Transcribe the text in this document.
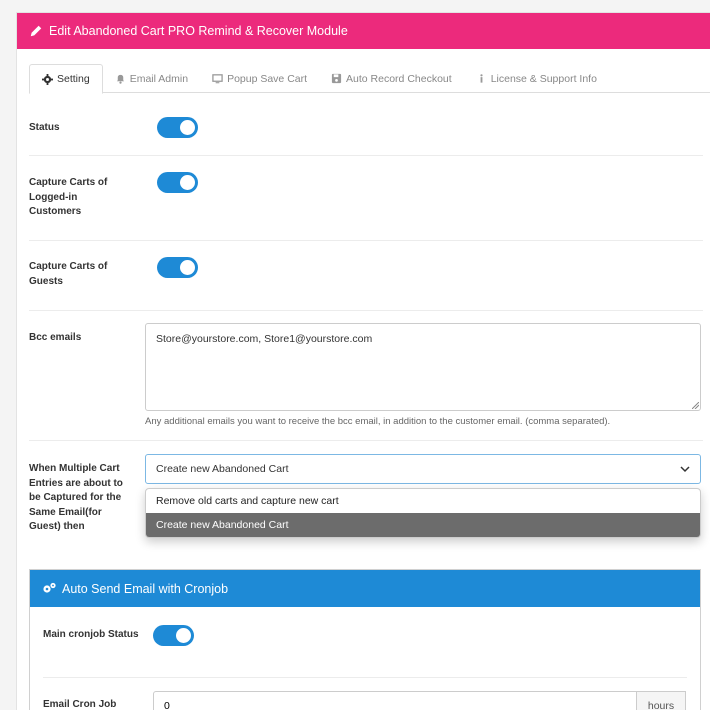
Edit Abandoned Cart PRO Remind & Recover Module
Setting	Email Admin	Popup Save Cart	Auto Record Checkout	License & Support Info
Status
Capture Carts of Logged-in Customers
Capture Carts of Guests
Bcc emails
Store@yourstore.com, Store1@yourstore.com
Any additional emails you want to receive the bcc email, in addition to the customer email. (comma separated).
When Multiple Cart Entries are about to be Captured for the Same Email(for Guest) then
Create new Abandoned Cart
Remove old carts and capture new cart
Create new Abandoned Cart
Auto Send Email with Cronjob
Main cronjob Status
Email Cron Job
0	hours
